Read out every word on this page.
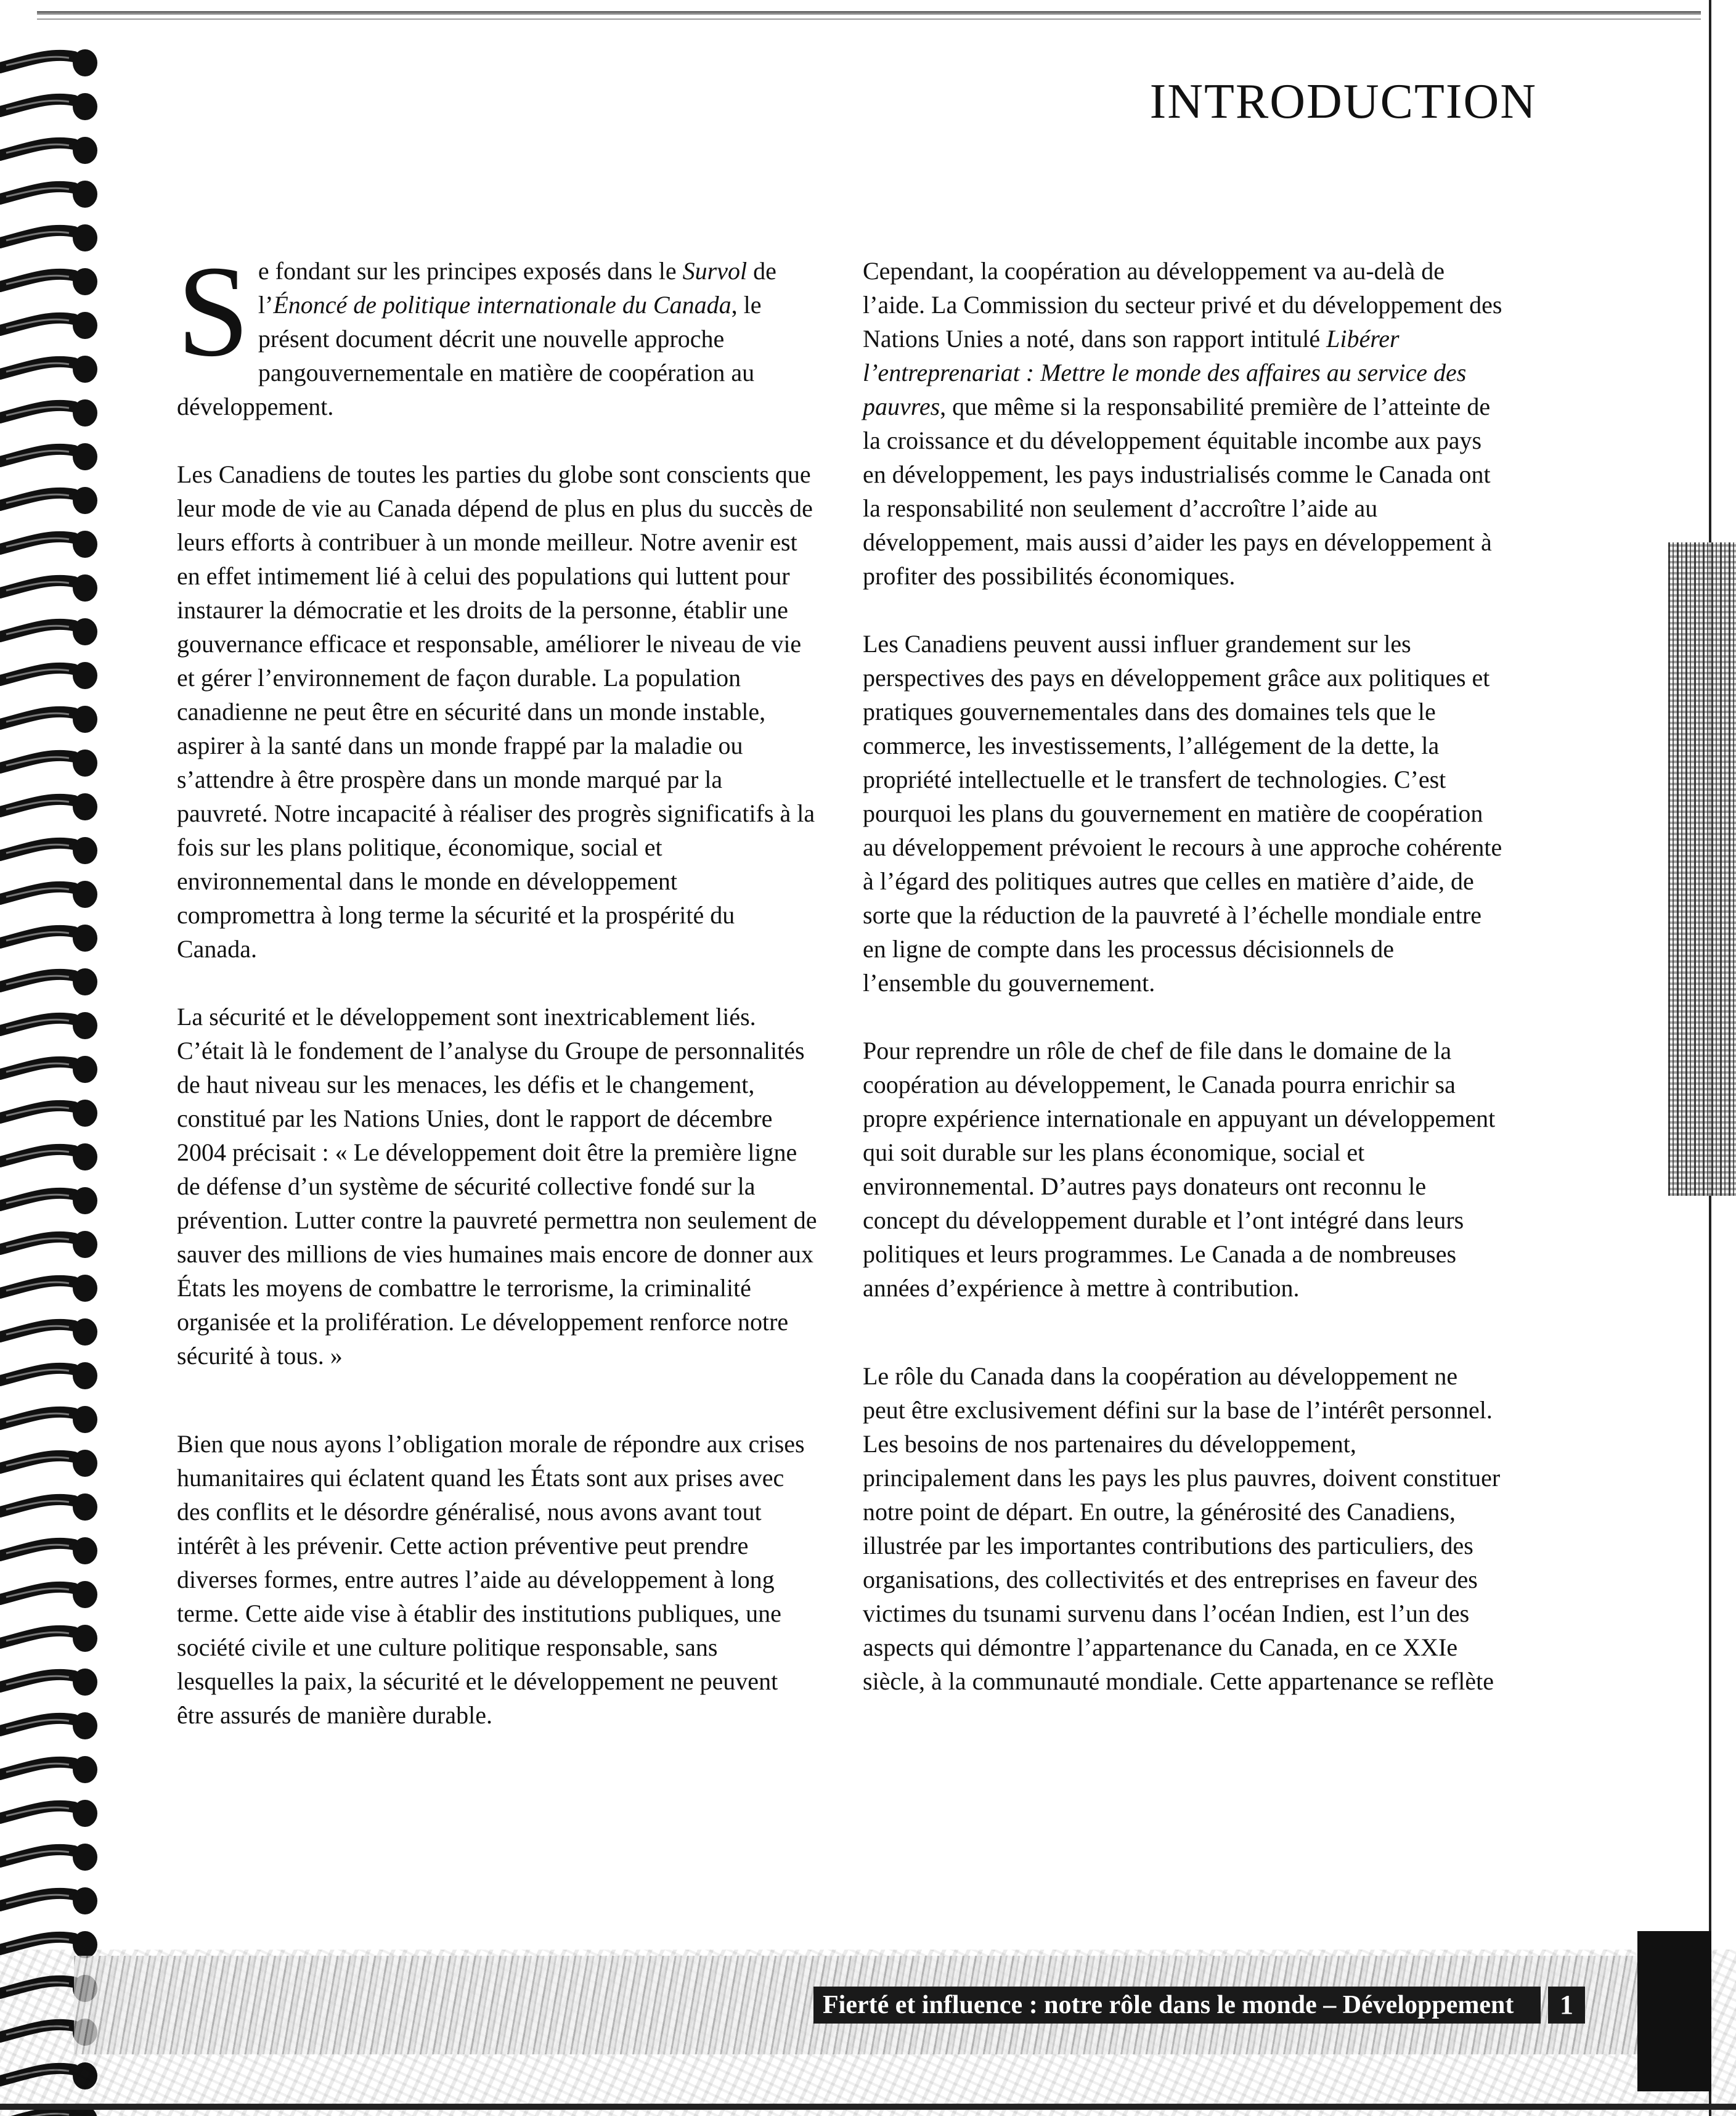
INTRODUCTION

Se fondant sur les principes exposés dans le Survol de l’Énoncé de politique internationale du Canada, le présent document décrit une nouvelle approche pangouvernementale en matière de coopération au développement.

Les Canadiens de toutes les parties du globe sont conscients que leur mode de vie au Canada dépend de plus en plus du succès de leurs efforts à contribuer à un monde meilleur. Notre avenir est en effet intimement lié à celui des populations qui luttent pour instaurer la démocratie et les droits de la personne, établir une gouvernance efficace et responsable, améliorer le niveau de vie et gérer l’environnement de façon durable. La population canadienne ne peut être en sécurité dans un monde instable, aspirer à la santé dans un monde frappé par la maladie ou s’attendre à être prospère dans un monde marqué par la pauvreté. Notre incapacité à réaliser des progrès significatifs à la fois sur les plans politique, économique, social et environnemental dans le monde en développement compromettra à long terme la sécurité et la prospérité du Canada.

La sécurité et le développement sont inextricablement liés. C’était là le fondement de l’analyse du Groupe de personnalités de haut niveau sur les menaces, les défis et le changement, constitué par les Nations Unies, dont le rapport de décembre 2004 précisait : « Le développement doit être la première ligne de défense d’un système de sécurité collective fondé sur la prévention. Lutter contre la pauvreté permettra non seulement de sauver des millions de vies humaines mais encore de donner aux États les moyens de combattre le terrorisme, la criminalité organisée et la prolifération. Le développement renforce notre sécurité à tous. »

Bien que nous ayons l’obligation morale de répondre aux crises humanitaires qui éclatent quand les États sont aux prises avec des conflits et le désordre généralisé, nous avons avant tout intérêt à les prévenir. Cette action préventive peut prendre diverses formes, entre autres l’aide au développement à long terme. Cette aide vise à établir des institutions publiques, une société civile et une culture politique responsable, sans lesquelles la paix, la sécurité et le développement ne peuvent être assurés de manière durable.

Cependant, la coopération au développement va au-delà de l’aide. La Commission du secteur privé et du développement des Nations Unies a noté, dans son rapport intitulé Libérer l’entreprenariat : Mettre le monde des affaires au service des pauvres, que même si la responsabilité première de l’atteinte de la croissance et du développement équitable incombe aux pays en développement, les pays industrialisés comme le Canada ont la responsabilité non seulement d’accroître l’aide au développement, mais aussi d’aider les pays en développement à profiter des possibilités économiques.

Les Canadiens peuvent aussi influer grandement sur les perspectives des pays en développement grâce aux politiques et pratiques gouvernementales dans des domaines tels que le commerce, les investissements, l’allégement de la dette, la propriété intellectuelle et le transfert de technologies. C’est pourquoi les plans du gouvernement en matière de coopération au développement prévoient le recours à une approche cohérente à l’égard des politiques autres que celles en matière d’aide, de sorte que la réduction de la pauvreté à l’échelle mondiale entre en ligne de compte dans les processus décisionnels de l’ensemble du gouvernement.

Pour reprendre un rôle de chef de file dans le domaine de la coopération au développement, le Canada pourra enrichir sa propre expérience internationale en appuyant un développement qui soit durable sur les plans économique, social et environnemental. D’autres pays donateurs ont reconnu le concept du développement durable et l’ont intégré dans leurs politiques et leurs programmes. Le Canada a de nombreuses années d’expérience à mettre à contribution.

Le rôle du Canada dans la coopération au développement ne peut être exclusivement défini sur la base de l’intérêt personnel. Les besoins de nos partenaires du développement, principalement dans les pays les plus pauvres, doivent constituer notre point de départ. En outre, la générosité des Canadiens, illustrée par les importantes contributions des particuliers, des organisations, des collectivités et des entreprises en faveur des victimes du tsunami survenu dans l’océan Indien, est l’un des aspects qui démontre l’appartenance du Canada, en ce XXIe siècle, à la communauté mondiale. Cette appartenance se reflète

Fierté et influence : notre rôle dans le monde – Développement	1
